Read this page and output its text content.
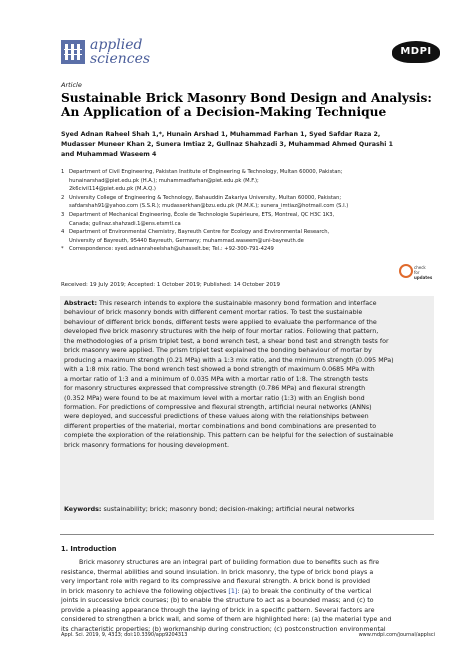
applied
sciences	MDPI
Article
Sustainable Brick Masonry Bond Design and Analysis:
An Application of a Decision-Making Technique
Syed Adnan Raheel Shah 1,*, Hunain Arshad 1, Muhammad Farhan 1, Syed Safdar Raza 2,
Mudasser Muneer Khan 2, Sunera Imtiaz 2, Gullnaz Shahzadi 3, Muhammad Ahmed Qurashi 1
and Muhammad Waseem 4
1 Department of Civil Engineering, Pakistan Institute of Engineering & Technology, Multan 60000, Pakistan;
hunainarshad@piet.edu.pk (H.A.); muhammadfarhan@piet.edu.pk (M.F.);
2k6civil114@piet.edu.pk (M.A.Q.)
2 University College of Engineering & Technology, Bahauddin Zakariya University, Multan 60000, Pakistan;
safdarshah91@yahoo.com (S.S.R.); mudasserkhan@bzu.edu.pk (M.M.K.); sunera_imtiaz@hotmail.com (S.I.)
3 Department of Mechanical Engineering, École de Technologie Supérieure, ETS, Montreal, QC H3C 1K3,
Canada; gullnaz.shahzadi.1@ens.etsmtl.ca
4 Department of Environmental Chemistry, Bayreuth Centre for Ecology and Environmental Research,
University of Bayreuth, 95440 Bayreuth, Germany; muhammad.waseem@uni-bayreuth.de
*	Correspondence: syed.adnanraheelshah@uhasselt.be; Tel.: +92-300-791-4249
Received: 19 July 2019; Accepted: 1 October 2019; Published: 14 October 2019
check for
updates
Abstract: This research intends to explore the sustainable masonry bond formation and interface
behaviour of brick masonry bonds with different cement mortar ratios. To test the sustainable
behaviour of different brick bonds, different tests were applied to evaluate the performance of the
developed five brick masonry structures with the help of four mortar ratios. Following that pattern,
the methodologies of a prism triplet test, a bond wrench test, a shear bond test and strength tests for
brick masonry were applied. The prism triplet test explained the bonding behaviour of mortar by
producing a maximum strength (0.21 MPa) with a 1:3 mix ratio, and the minimum strength (0.095 MPa)
with a 1:8 mix ratio. The bond wrench test showed a bond strength of maximum 0.0685 MPa with
a mortar ratio of 1:3 and a minimum of 0.035 MPa with a mortar ratio of 1:8. The strength tests
for masonry structures expressed that compressive strength (0.786 MPa) and flexural strength
(0.352 MPa) were found to be at maximum level with a mortar ratio (1:3) with an English bond
formation. For predictions of compressive and flexural strength, artificial neural networks (ANNs)
were deployed, and successful predictions of these values along with the relationships between
different properties of the material, mortar combinations and bond combinations are presented to
complete the exploration of the relationship. This pattern can be helpful for the selection of sustainable
brick masonry formations for housing development.
Keywords: sustainability; brick; masonry bond; decision-making; artificial neural networks
1. Introduction
Brick masonry structures are an integral part of building formation due to benefits such as fire
resistance, thermal abilities and sound insulation. In brick masonry, the type of brick bond plays a
very important role with regard to its compressive and flexural strength. A brick bond is provided
in brick masonry to achieve the following objectives [1]: (a) to break the continuity of the vertical
joints in successive brick courses; (b) to enable the structure to act as a bounded mass; and (c) to
provide a pleasing appearance through the laying of brick in a specific pattern. Several factors are
considered to strengthen a brick wall, and some of them are highlighted here: (a) the material type and
its characteristic properties; (b) workmanship during construction; (c) postconstruction environmental
Appl. Sci. 2019, 9, 4313; doi:10.3390/app9204313	www.mdpi.com/journal/applsci
